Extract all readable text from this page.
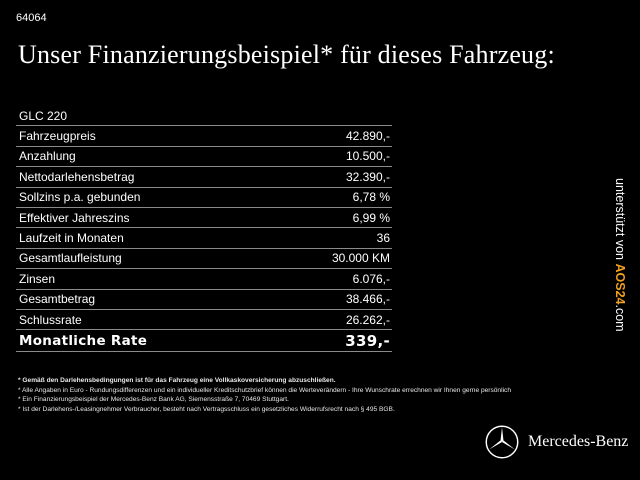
64064
Unser Finanzierungsbeispiel* für dieses Fahrzeug:
GLC 220
Fahrzeugpreis	42.890,-
Anzahlung	10.500,-
Nettodarlehensbetrag	32.390,-
Sollzins p.a. gebunden	6,78 %
Effektiver Jahreszins	6,99 %
Laufzeit in Monaten	36
Gesamtlaufleistung	30.000 KM
Zinsen	6.076,-
Gesamtbetrag	38.466,-
Schlussrate	26.262,-
Monatliche Rate	339,-
unterstützt von AOS24.com
* Gemäß den Darlehensbedingungen ist für das Fahrzeug eine Vollkaskoversicherung abzuschließen.
* Alle Angaben in Euro - Rundungsdifferenzen und ein individueller Kreditschutzbrief können die Werteverändern - Ihre Wunschrate errechnen wir Ihnen gerne persönlich
* Ein Finanzierungsbeispiel der Mercedes-Benz Bank AG, Siemensstraße 7, 70469 Stuttgart.
* Ist der Darlehens-/Leasingnehmer Verbraucher, besteht nach Vertragsschluss ein gesetzliches Widerrufsrecht nach § 495 BGB.
Mercedes-Benz
